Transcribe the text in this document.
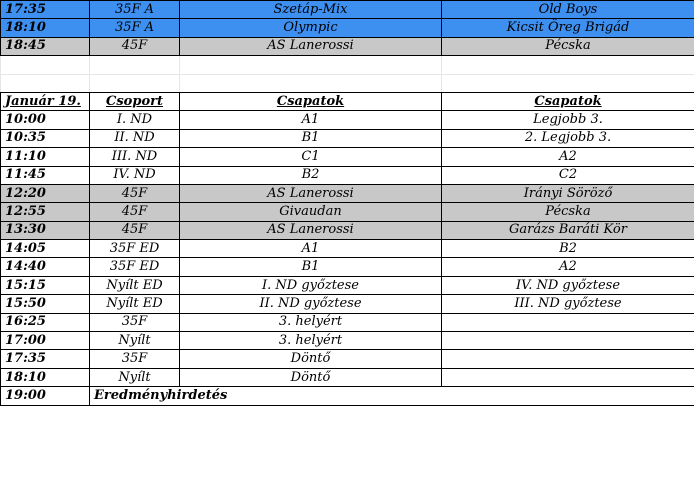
17:35	35F A	Szetáp-Mix	Old Boys
18:10	35F A	Olympic	Kicsit Öreg Brigád
18:45	45F	AS Lanerossi	Pécska

Január 19.	Csoport	Csapatok	Csapatok
10:00	I. ND	A1	Legjobb 3.
10:35	II. ND	B1	2. Legjobb 3.
11:10	III. ND	C1	A2
11:45	IV. ND	B2	C2
12:20	45F	AS Lanerossi	Irányi Söröző
12:55	45F	Givaudan	Pécska
13:30	45F	AS Lanerossi	Garázs Baráti Kör
14:05	35F ED	A1	B2
14:40	35F ED	B1	A2
15:15	Nyílt ED	I. ND győztese	IV. ND győztese
15:50	Nyílt ED	II. ND győztese	III. ND győztese
16:25	35F	3. helyért	
17:00	Nyílt	3. helyért	
17:35	35F	Döntő	
18:10	Nyílt	Döntő	
19:00	Eredményhirdetés		
